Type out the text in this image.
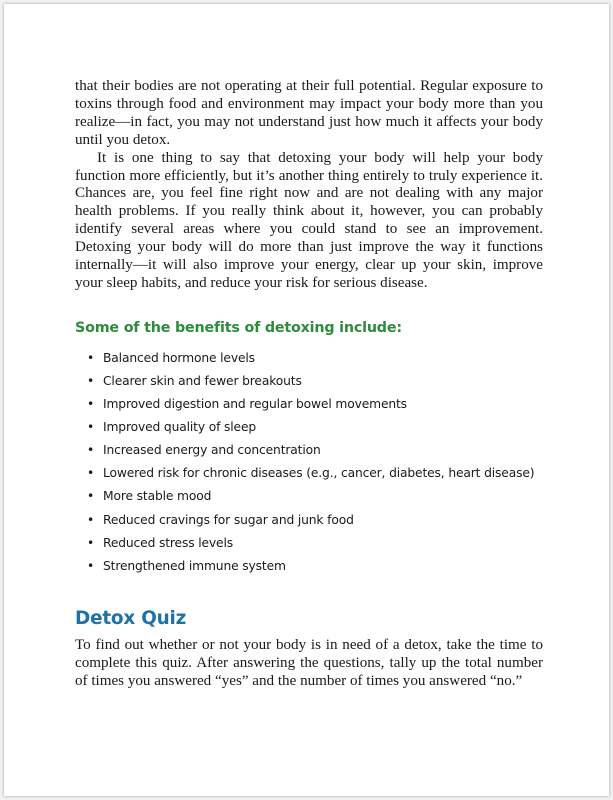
that their bodies are not operating at their full potential. Regular exposure to toxins through food and environment may impact your body more than you realize—in fact, you may not understand just how much it affects your body until you detox.

It is one thing to say that detoxing your body will help your body function more efficiently, but it’s another thing entirely to truly experience it. Chances are, you feel fine right now and are not dealing with any major health problems. If you really think about it, however, you can probably identify several areas where you could stand to see an improvement. Detoxing your body will do more than just improve the way it functions internally—it will also improve your energy, clear up your skin, improve your sleep habits, and reduce your risk for serious disease.

Some of the benefits of detoxing include:
• Balanced hormone levels
• Clearer skin and fewer breakouts
• Improved digestion and regular bowel movements
• Improved quality of sleep
• Increased energy and concentration
• Lowered risk for chronic diseases (e.g., cancer, diabetes, heart disease)
• More stable mood
• Reduced cravings for sugar and junk food
• Reduced stress levels
• Strengthened immune system
Detox Quiz

To find out whether or not your body is in need of a detox, take the time to complete this quiz. After answering the questions, tally up the total number of times you answered “yes” and the number of times you answered “no.”
